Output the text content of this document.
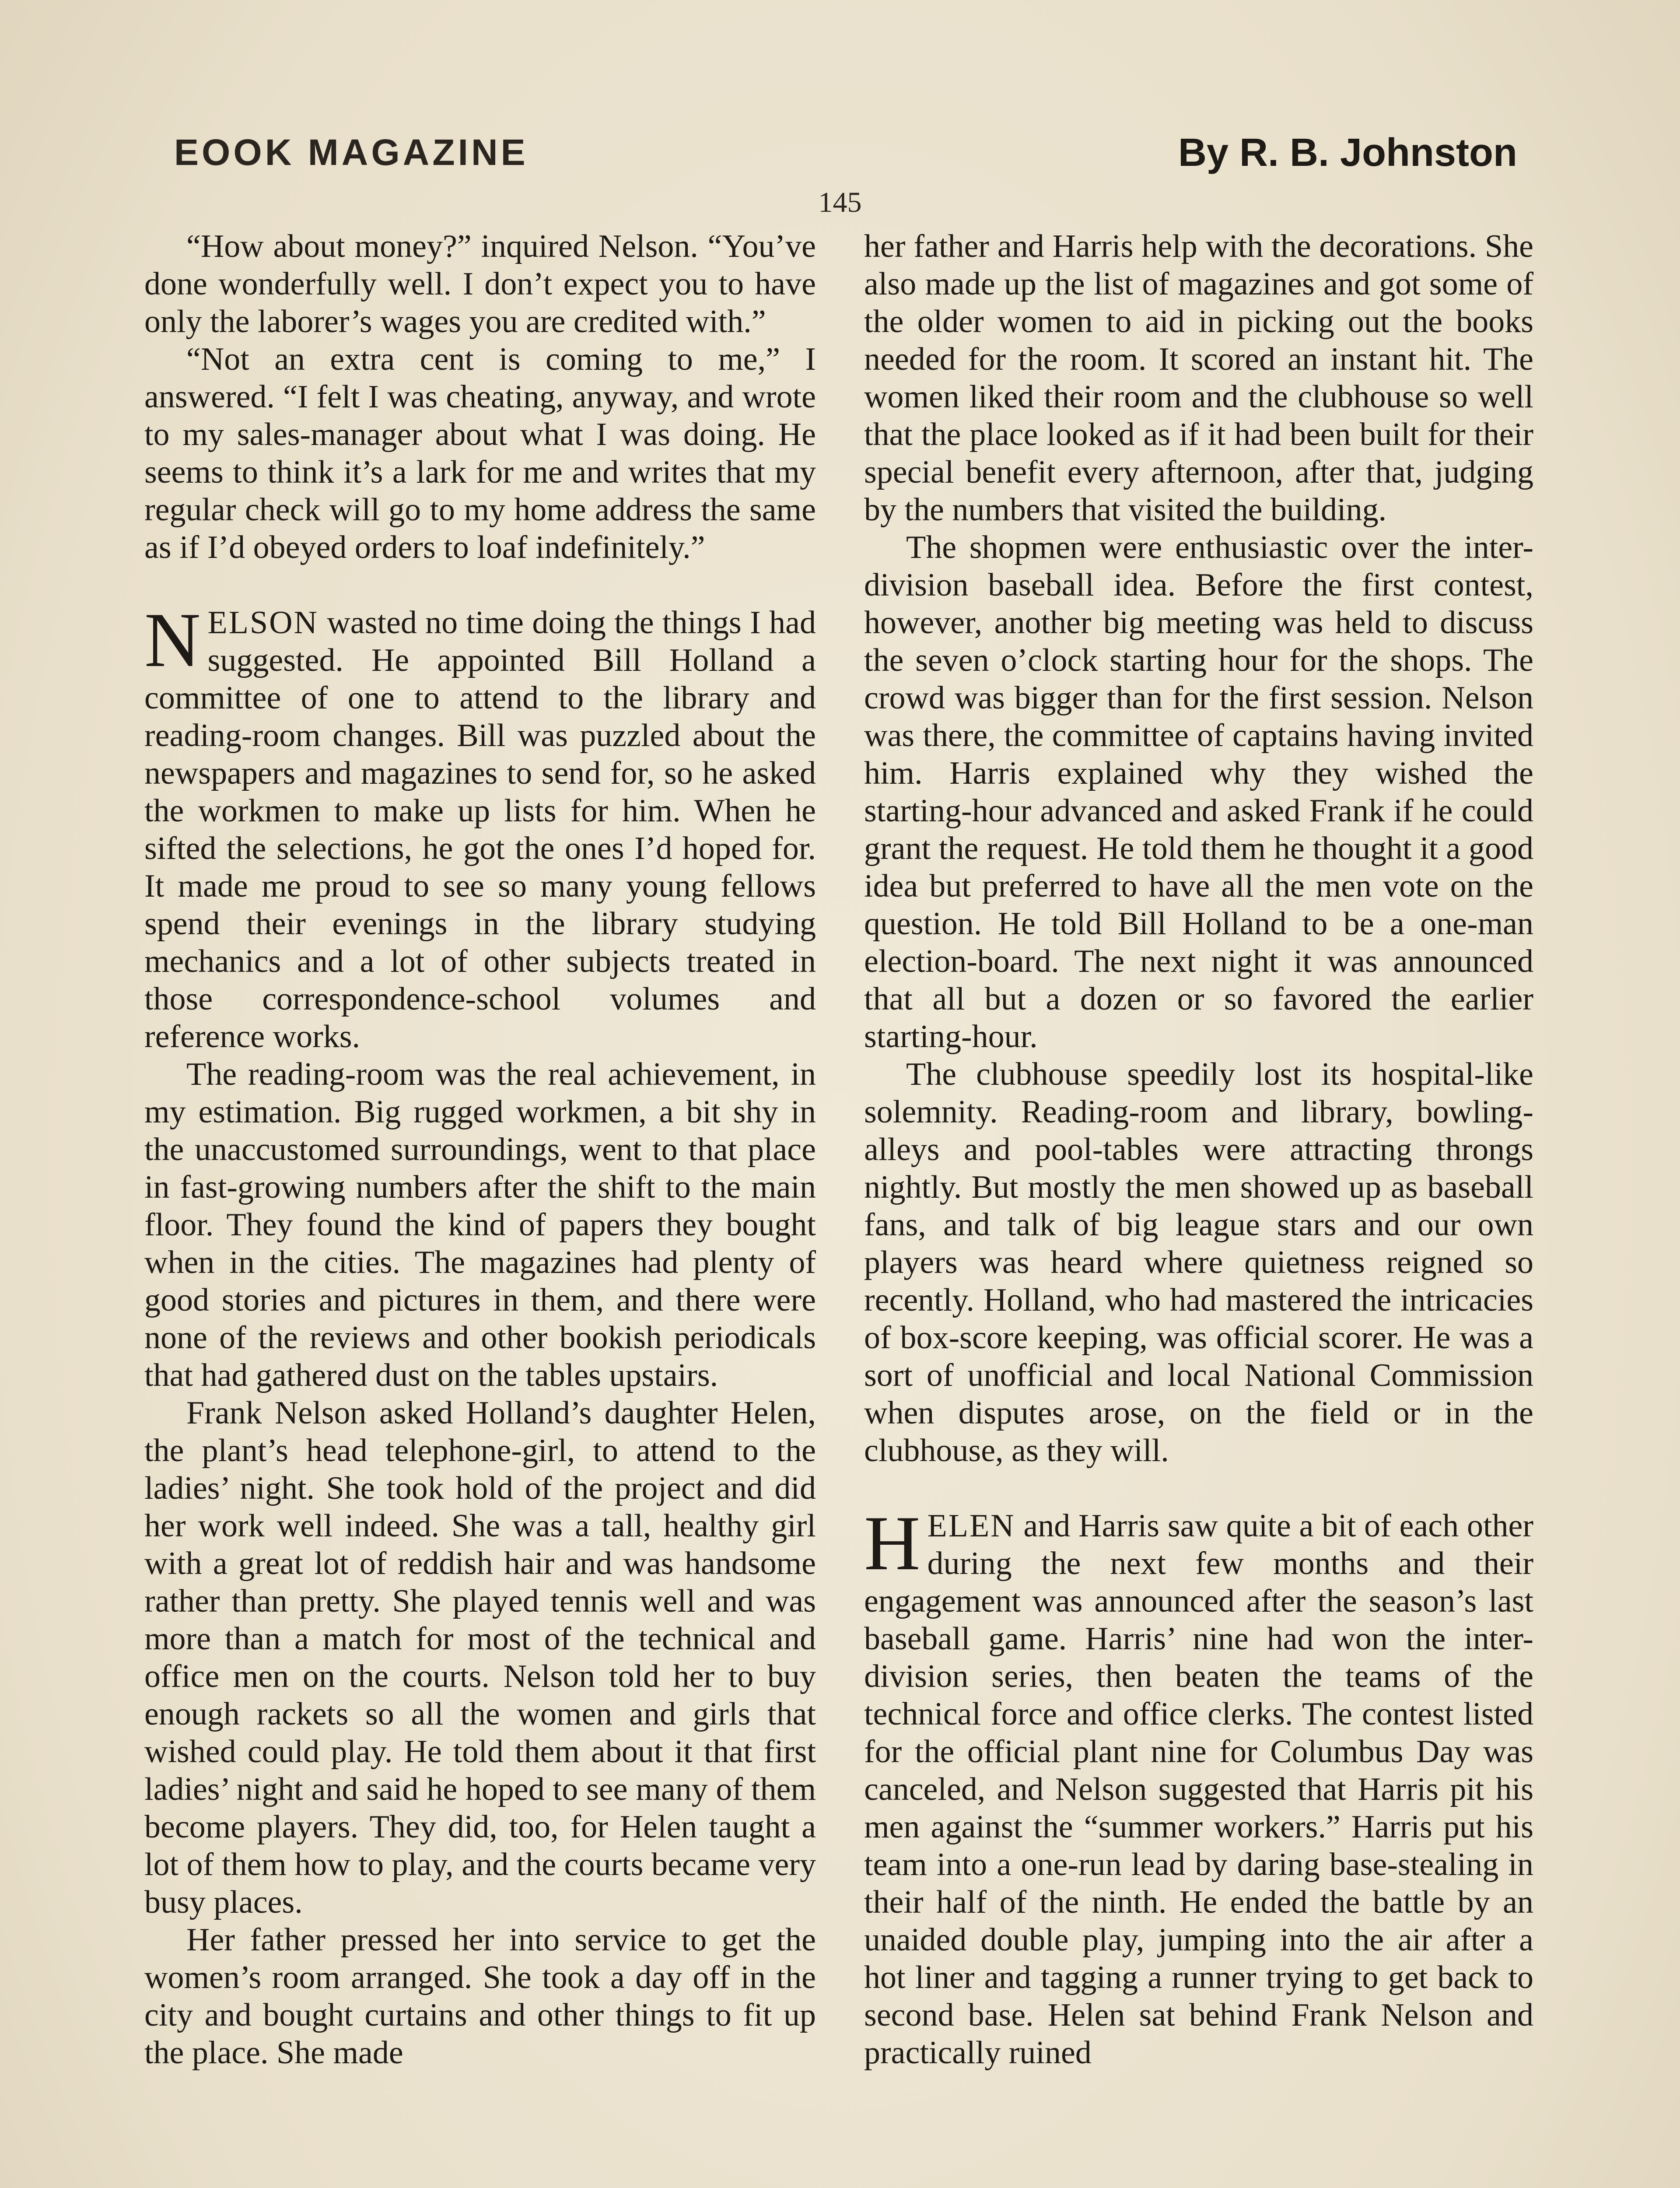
EOOK MAGAZINE	By R. B. Johnston
145

“How about money?” inquired Nelson. “You’ve done wonderfully well. I don’t expect you to have only the laborer’s wages you are credited with.”

“Not an extra cent is coming to me,” I answered. “I felt I was cheating, anyway, and wrote to my sales-manager about what I was doing. He seems to think it’s a lark for me and writes that my regular check will go to my home address the same as if I’d obeyed orders to loaf indefinitely.”

NELSON wasted no time doing the things I had suggested. He appointed Bill Holland a committee of one to attend to the library and reading-room changes. Bill was puzzled about the newspapers and magazines to send for, so he asked the workmen to make up lists for him. When he sifted the selections, he got the ones I’d hoped for. It made me proud to see so many young fellows spend their evenings in the library studying mechanics and a lot of other subjects treated in those correspondence-school volumes and reference works.

The reading-room was the real achievement, in my estimation. Big rugged workmen, a bit shy in the unaccustomed surroundings, went to that place in fast-growing numbers after the shift to the main floor. They found the kind of papers they bought when in the cities. The magazines had plenty of good stories and pictures in them, and there were none of the reviews and other bookish periodicals that had gathered dust on the tables upstairs.

Frank Nelson asked Holland’s daughter Helen, the plant’s head telephone-girl, to attend to the ladies’ night. She took hold of the project and did her work well indeed. She was a tall, healthy girl with a great lot of reddish hair and was handsome rather than pretty. She played tennis well and was more than a match for most of the technical and office men on the courts. Nelson told her to buy enough rackets so all the women and girls that wished could play. He told them about it that first ladies’ night and said he hoped to see many of them become players. They did, too, for Helen taught a lot of them how to play, and the courts became very busy places.

Her father pressed her into service to get the women’s room arranged. She took a day off in the city and bought curtains and other things to fit up the place. She made

her father and Harris help with the decorations. She also made up the list of magazines and got some of the older women to aid in picking out the books needed for the room. It scored an instant hit. The women liked their room and the clubhouse so well that the place looked as if it had been built for their special benefit every afternoon, after that, judging by the numbers that visited the building.

The shopmen were enthusiastic over the inter-division baseball idea. Before the first contest, however, another big meeting was held to discuss the seven o’clock starting hour for the shops. The crowd was bigger than for the first session. Nelson was there, the committee of captains having invited him. Harris explained why they wished the starting-hour advanced and asked Frank if he could grant the request. He told them he thought it a good idea but preferred to have all the men vote on the question. He told Bill Holland to be a one-man election-board. The next night it was announced that all but a dozen or so favored the earlier starting-hour.

The clubhouse speedily lost its hospital-like solemnity. Reading-room and library, bowling-alleys and pool-tables were attracting throngs nightly. But mostly the men showed up as baseball fans, and talk of big league stars and our own players was heard where quietness reigned so recently. Holland, who had mastered the intricacies of box-score keeping, was official scorer. He was a sort of unofficial and local National Commission when disputes arose, on the field or in the clubhouse, as they will.

HELEN and Harris saw quite a bit of each other during the next few months and their engagement was announced after the season’s last baseball game. Harris’ nine had won the inter-division series, then beaten the teams of the technical force and office clerks. The contest listed for the official plant nine for Columbus Day was canceled, and Nelson suggested that Harris pit his men against the “summer workers.” Harris put his team into a one-run lead by daring base-stealing in their half of the ninth. He ended the battle by an unaided double play, jumping into the air after a hot liner and tagging a runner trying to get back to second base. Helen sat behind Frank Nelson and practically ruined
